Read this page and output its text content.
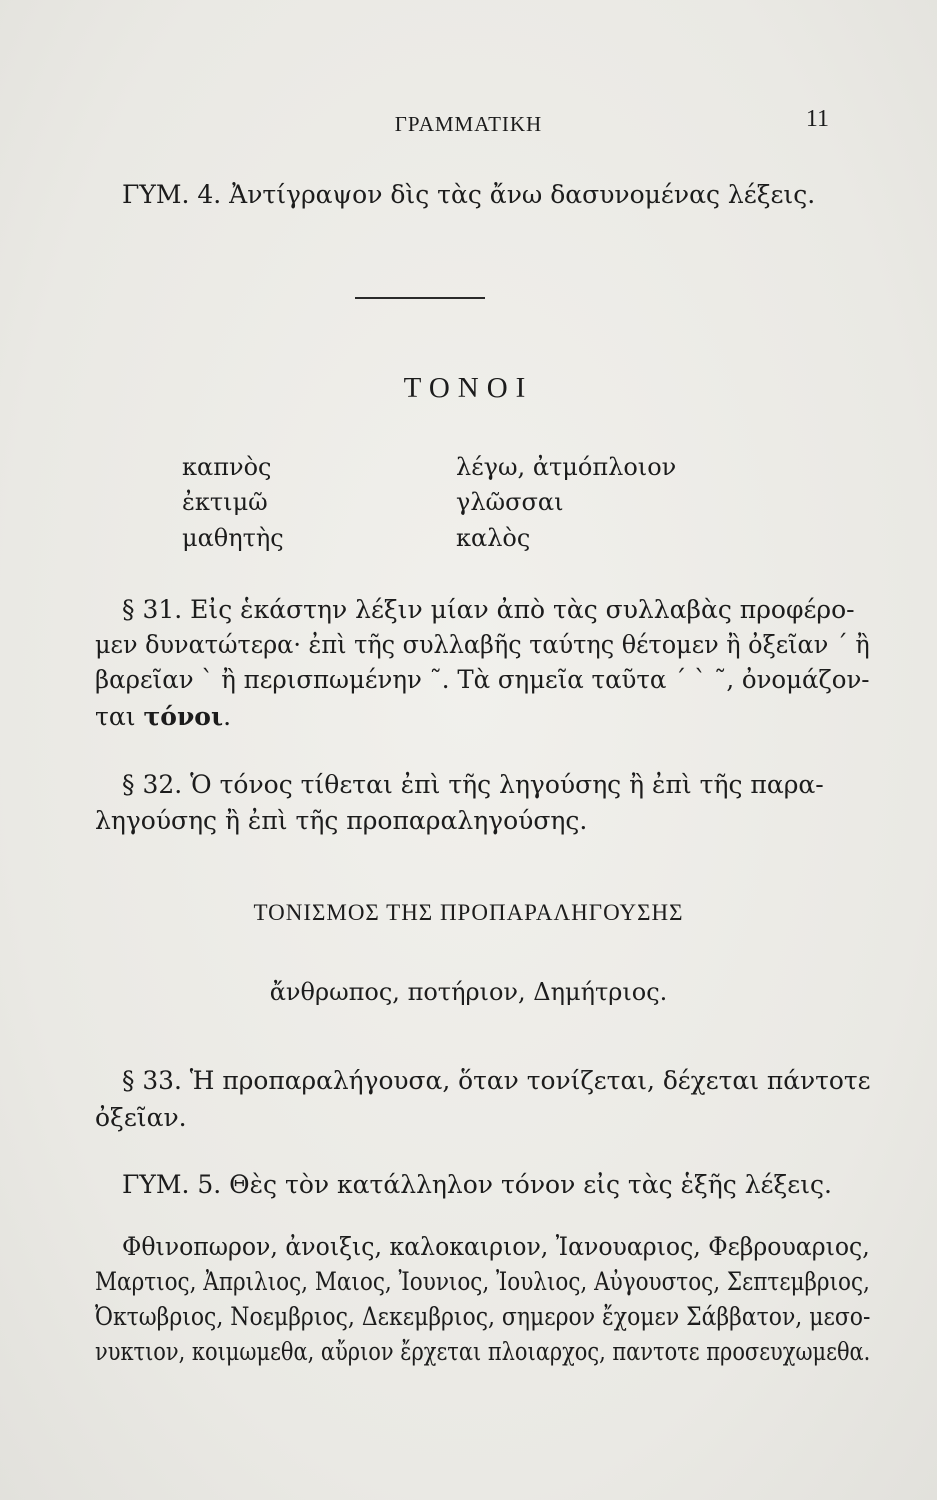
ΓΡΑΜΜΑΤΙΚΗ	11
ΓΥΜ. 4. Ἀντίγραψον δὶς τὰς ἄνω δασυνομένας λέξεις.
ΤΟΝΟΙ
καπνὸς
ἐκτιμῶ
μαθητὴς
λέγω, ἀτμόπλοιον
γλῶσσαι
καλὸς
§ 31. Εἰς ἑκάστην λέξιν μίαν ἀπὸ τὰς συλλαβὰς προφέρο-
μεν δυνατώτερα· ἐπὶ τῆς συλλαβῆς ταύτης θέτομεν ἢ ὀξεῖαν ΄ ἢ
βαρεῖαν ` ἢ περισπωμένην ῀. Τὰ σημεῖα ταῦτα ΄ ` ῀, ὀνομάζον-
ται τόνοι.
§ 32. Ὁ τόνος τίθεται ἐπὶ τῆς ληγούσης ἢ ἐπὶ τῆς παρα-
ληγούσης ἢ ἐπὶ τῆς προπαραληγούσης.
ΤΟΝΙΣΜΟΣ ΤΗΣ ΠΡΟΠΑΡΑΛΗΓΟΥΣΗΣ
ἄνθρωπος, ποτήριον, Δημήτριος.
§ 33. Ἡ προπαραλήγουσα, ὅταν τονίζεται, δέχεται πάντοτε
ὀξεῖαν.
ΓΥΜ. 5. Θὲς τὸν κατάλληλον τόνον εἰς τὰς ἑξῆς λέξεις.
Φθινοπωρον, ἀνοιξις, καλοκαιριον, Ἰανουαριος, Φεβρουαριος,
Μαρτιος, Ἀπριλιος, Μαιος, Ἰουνιος, Ἰουλιος, Αὐγουστος, Σεπτεμβριος,
Ὀκτωβριος, Νοεμβριος, Δεκεμβριος, σημερον ἔχομεν Σάββατον, μεσο-
νυκτιον, κοιμωμεθα, αὔριον ἔρχεται πλοιαρχος, παντοτε προσευχωμεθα.
